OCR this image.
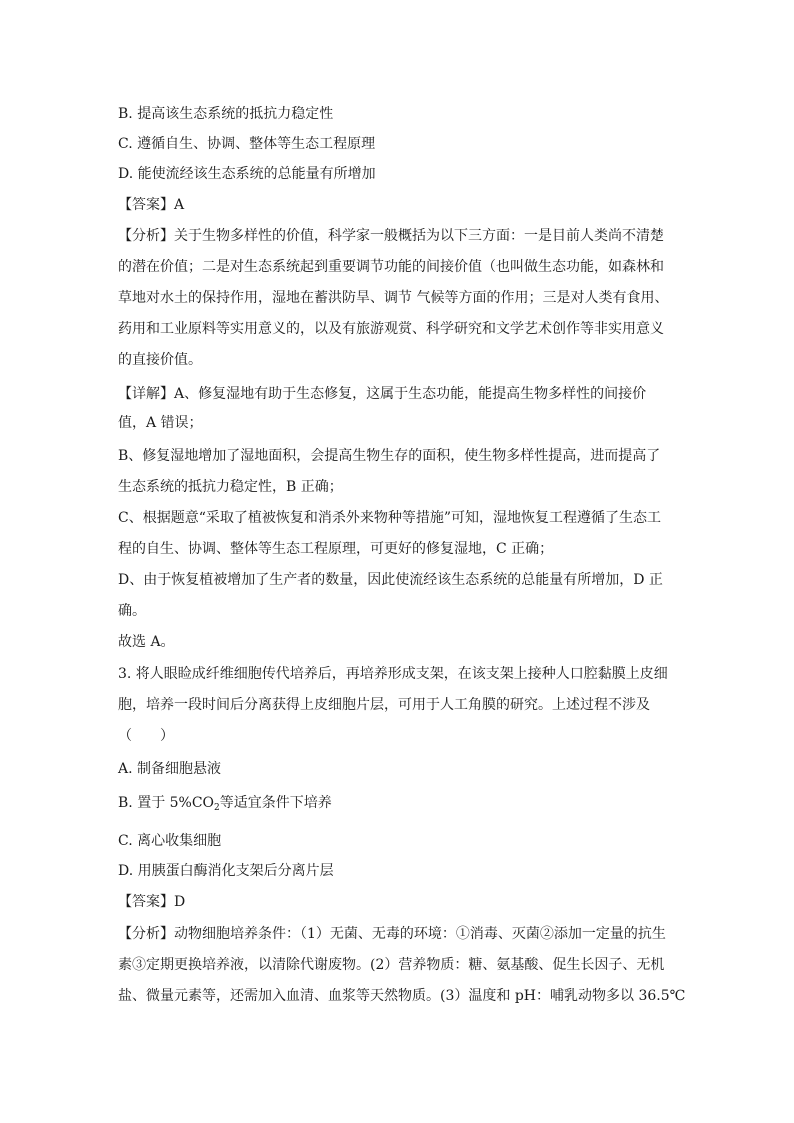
B. 提高该生态系统的抵抗力稳定性
C. 遵循自生、协调、整体等生态工程原理
D. 能使流经该生态系统的总能量有所增加
【答案】A
【分析】关于生物多样性的价值，科学家一般概括为以下三方面：一是目前人类尚不清楚
的潜在价值；二是对生态系统起到重要调节功能的间接价值（也叫做生态功能，如森林和
草地对水土的保持作用，湿地在蓄洪防旱、调节 气候等方面的作用；三是对人类有食用、
药用和工业原料等实用意义的，以及有旅游观赏、科学研究和文学艺术创作等非实用意义
的直接价值。
【详解】A、修复湿地有助于生态修复，这属于生态功能，能提高生物多样性的间接价
值，A 错误；
B、修复湿地增加了湿地面积，会提高生物生存的面积，使生物多样性提高，进而提高了
生态系统的抵抗力稳定性，B 正确；
C、根据题意“采取了植被恢复和消杀外来物种等措施”可知，湿地恢复工程遵循了生态工
程的自生、协调、整体等生态工程原理，可更好的修复湿地，C 正确；
D、由于恢复植被增加了生产者的数量，因此使流经该生态系统的总能量有所增加，D 正
确。
故选 A。
3. 将人眼睑成纤维细胞传代培养后，再培养形成支架，在该支架上接种人口腔黏膜上皮细
胞，培养一段时间后分离获得上皮细胞片层，可用于人工角膜的研究。上述过程不涉及
（　　）
A. 制备细胞悬液
B. 置于 $5\%CO_2$等适宜条件下培养
C. 离心收集细胞
D. 用胰蛋白酶消化支架后分离片层
【答案】D
【分析】动物细胞培养条件：（1）无菌、无毒的环境：①消毒、灭菌②添加一定量的抗生
素③定期更换培养液，以清除代谢废物。(2）营养物质：糖、氨基酸、促生长因子、无机
盐、微量元素等，还需加入血清、血浆等天然物质。(3）温度和 pH：哺乳动物多以 36.5℃
